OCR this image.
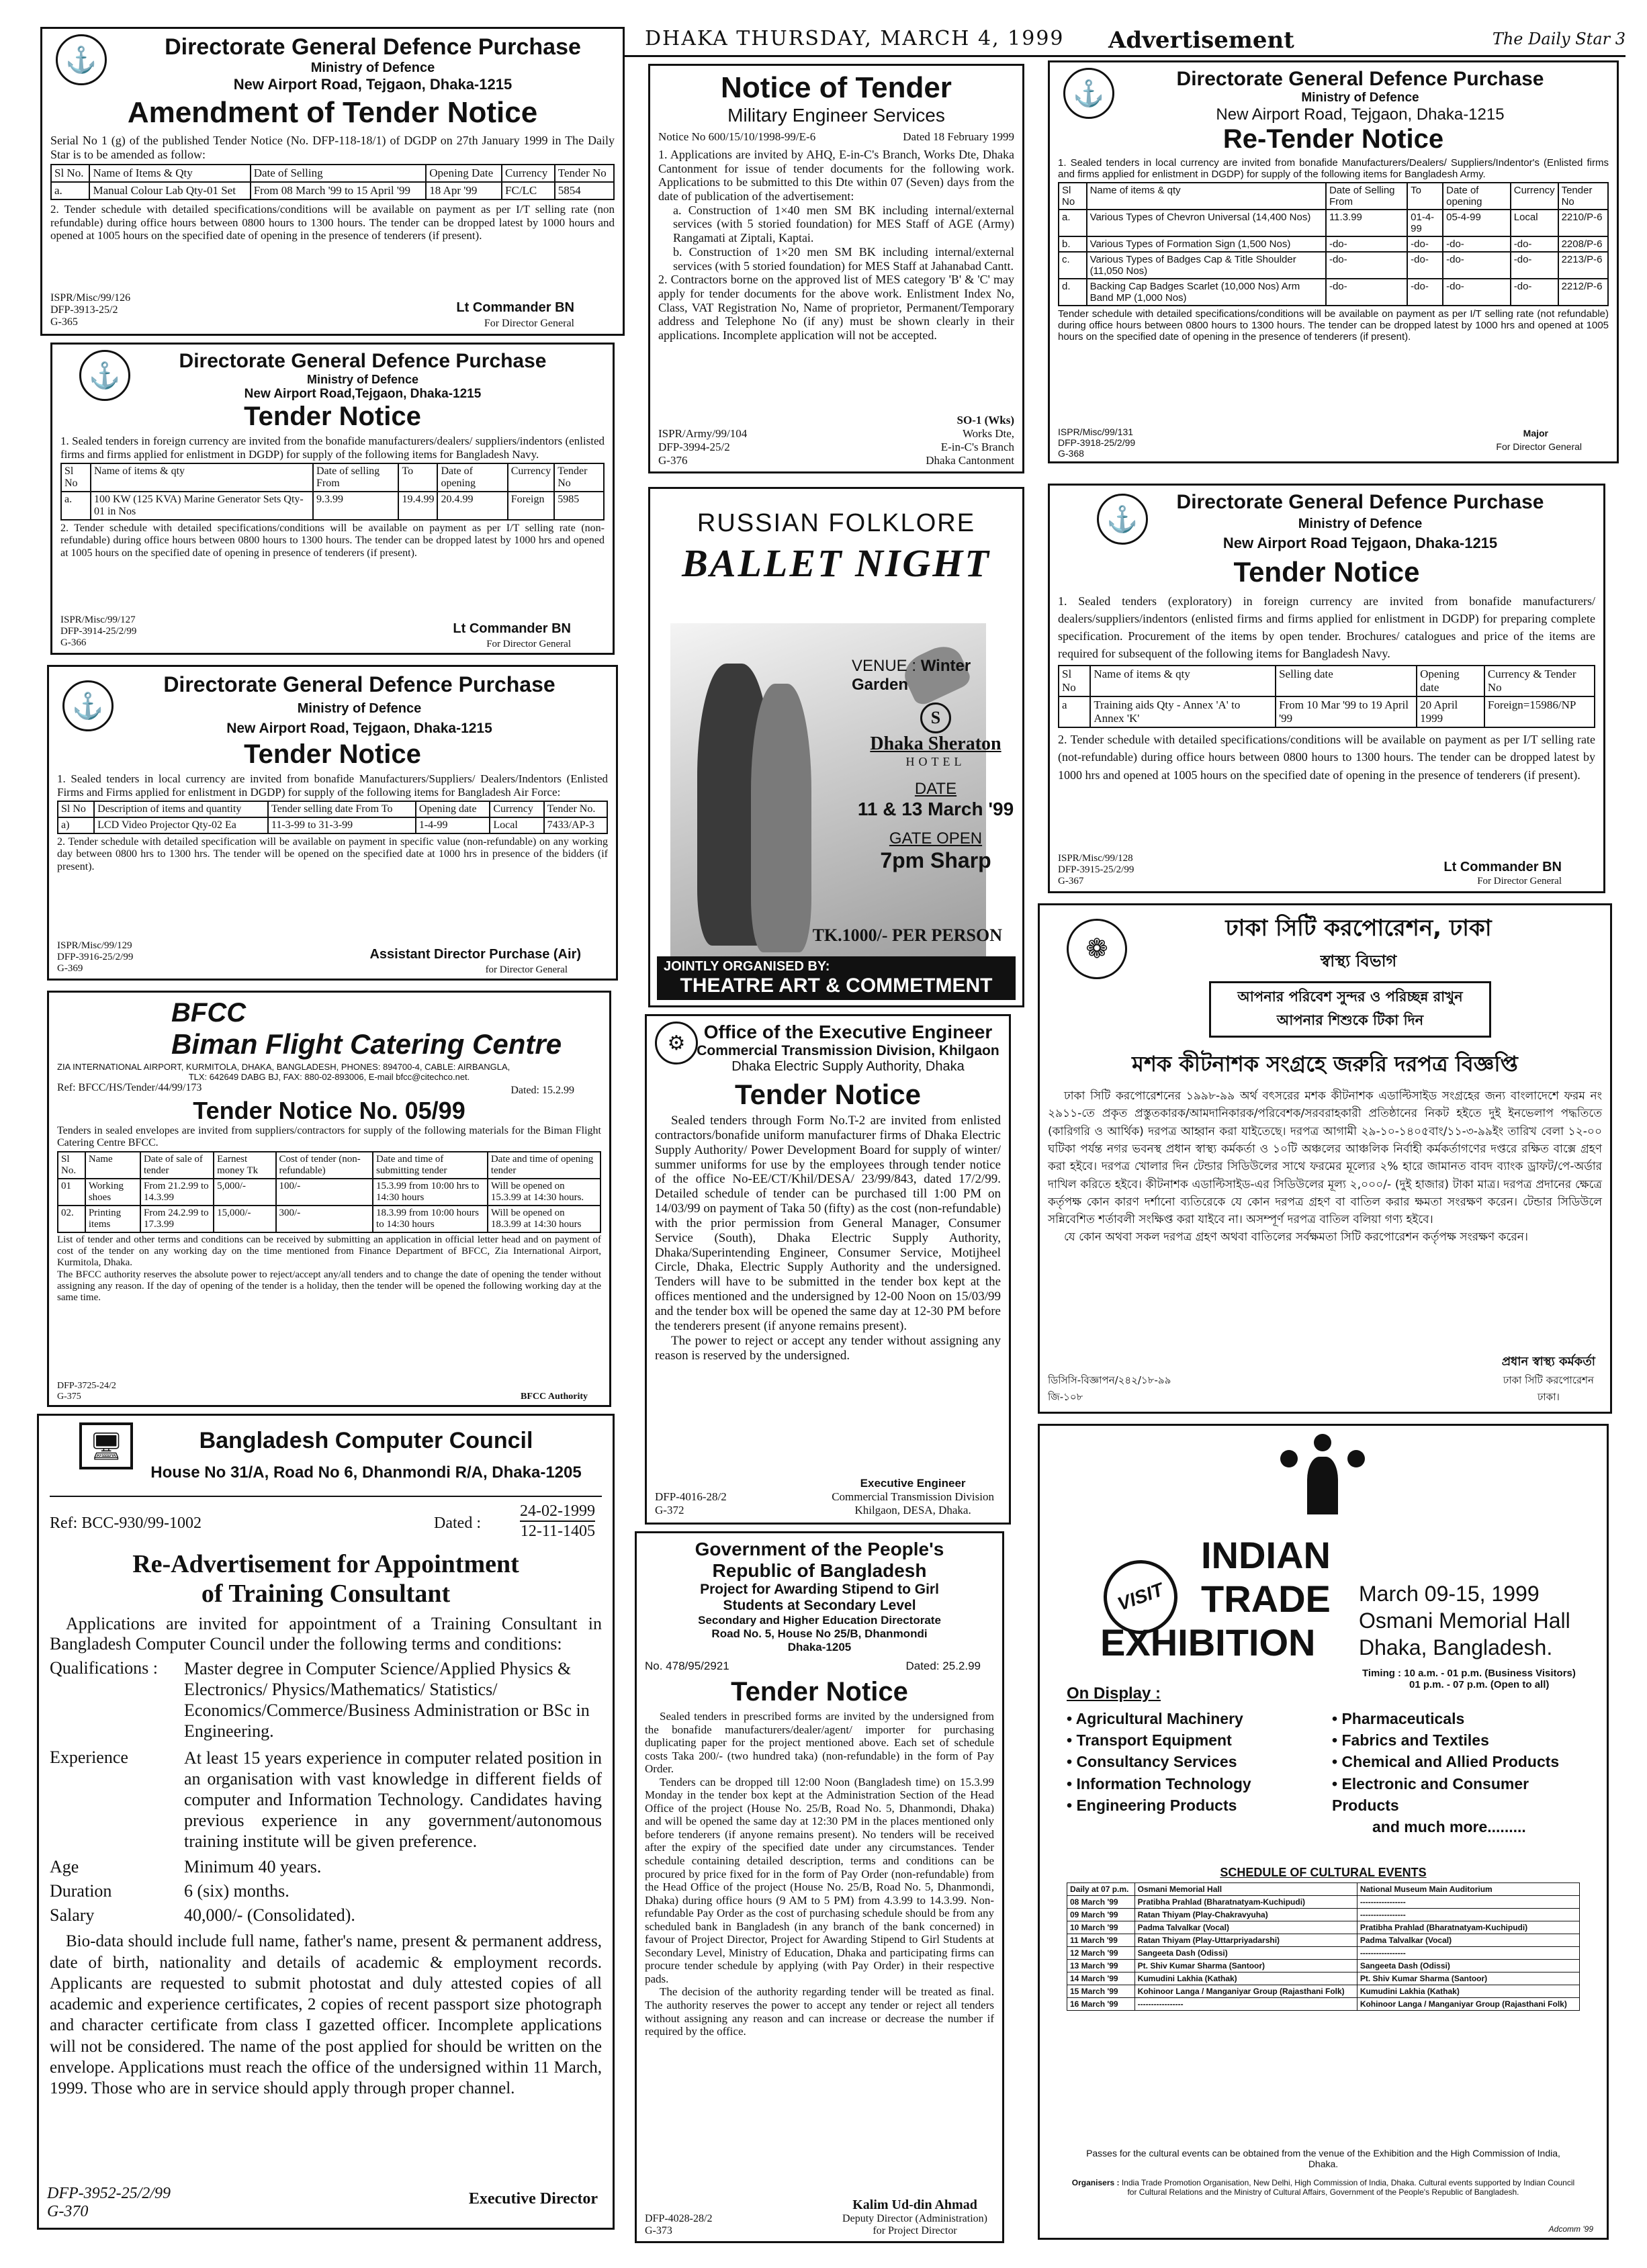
DHAKA THURSDAY, MARCH 4, 1999 Advertisement	The Daily Star 3
⚓	Directorate General Defence Purchase
Ministry of Defence
New Airport Road, Tejgaon, Dhaka-1215
Amendment of Tender Notice
Serial No 1 (g) of the published Tender Notice (No. DFP-118-18/1) of DGDP on 27th January 1999 in The Daily Star is to be amended as follow:
Sl No.	Name of Items & Qty	Date of Selling	Opening Date	Currency	Tender No
a.	Manual Colour Lab Qty-01 Set	From 08 March '99 to 15 April '99	18 Apr '99	FC/LC	5854
2. Tender schedule with detailed specifications/conditions will be available on payment as per I/T selling rate (non refundable) during office hours between 0800 hours to 1300 hours. The tender can be dropped latest by 1000 hours and opened at 1005 hours on the specified date of opening in the presence of tenderers (if present).
ISPR/Misc/99/126
DFP-3913-25/2
G-365
Lt Commander BN
For Director General
⚓	Directorate General Defence Purchase
Ministry of Defence
New Airport Road,Tejgaon, Dhaka-1215
Tender Notice
1. Sealed tenders in foreign currency are invited from the bonafide manufacturers/dealers/ suppliers/indentors (enlisted firms and firms applied for enlistment in DGDP) for supply of the following items for Bangladesh Navy.
Sl No	Name of items & qty	Date of selling From	To	Date of opening	Currency	Tender No
a.	100 KW (125 KVA) Marine Generator Sets Qty-01 in Nos	9.3.99	19.4.99	20.4.99	Foreign	5985
2. Tender schedule with detailed specifications/conditions will be available on payment as per I/T selling rate (non-refundable) during office hours between 0800 hours to 1300 hours. The tender can be dropped latest by 1000 hrs and opened at 1005 hours on the specified date of opening in presence of tenderers (if present).
ISPR/Misc/99/127
DFP-3914-25/2/99
G-366
Lt Commander BN
For Director General
⚓
Directorate General Defence Purchase
Ministry of Defence
New Airport Road, Tejgaon, Dhaka-1215
Tender Notice
1. Sealed tenders in local currency are invited from bonafide Manufacturers/Suppliers/ Dealers/Indentors (Enlisted Firms and Firms applied for enlistment in DGDP) for supply of the following items for Bangladesh Air Force:
Sl No	Description of items and quantity	Tender selling date From To	Opening date	Currency	Tender No.
a)	LCD Video Projector Qty-02 Ea	11-3-99 to 31-3-99	1-4-99	Local	7433/AP-3
2. Tender schedule with detailed specification will be available on payment in specific value (non-refundable) on any working day between 0800 hrs to 1300 hrs. The tender will be opened on the specified date at 1000 hrs in presence of the bidders (if present).
ISPR/Misc/99/129
DFP-3916-25/2/99
G-369
Assistant Director Purchase (Air)
for Director General
BFCC
Biman Flight Catering Centre
ZIA INTERNATIONAL AIRPORT, KURMITOLA, DHAKA, BANGLADESH, PHONES: 894700-4, CABLE: AIRBANGLA,
TLX: 642649 DABG BJ, FAX: 880-02-893006, E-mail bfcc@citechco.net.
Ref: BFCC/HS/Tender/44/99/173	Dated: 15.2.99
Tender Notice No. 05/99
Tenders in sealed envelopes are invited from suppliers/contractors for supply of the following materials for the Biman Flight Catering Centre BFCC.
Sl No.	Name	Date of sale of tender	Earnest money Tk	Cost of tender (non-refundable)	Date and time of submitting tender	Date and time of opening tender
01	Working shoes	From 21.2.99 to 14.3.99	5,000/-	100/-	15.3.99 from 10:00 hrs to 14:30 hours	Will be opened on 15.3.99 at 14:30 hours.
02.	Printing items	From 24.2.99 to 17.3.99	15,000/-	300/-	18.3.99 from 10:00 hours to 14:30 hours	Will be opened on 18.3.99 at 14:30 hours
List of tender and other terms and conditions can be received by submitting an application in official letter head and on payment of cost of the tender on any working day on the time mentioned from Finance Department of BFCC, Zia International Airport, Kurmitola, Dhaka.
The BFCC authority reserves the absolute power to reject/accept any/all tenders and to change the date of opening the tender without assigning any reason. If the day of opening of the tender is a holiday, then the tender will be opened the following working day at the same time.
DFP-3725-24/2
G-375	BFCC Authority
🖥	Bangladesh Computer Council
House No 31/A, Road No 6, Dhanmondi R/A, Dhaka-1205
Ref: BCC-930/99-1002	Dated :
24-02-1999
12-11-1405
Re-Advertisement for Appointment
of Training Consultant
Applications are invited for appointment of a Training Consultant in Bangladesh Computer Council under the following terms and conditions:
Qualifications :	Master degree in Computer Science/Applied Physics & Electronics/ Physics/Mathematics/ Statistics/ Economics/Commerce/Business Administration or BSc in Engineering.
Experience	At least 15 years experience in computer related position in an organisation with vast knowledge in different fields of computer and Information Technology. Candidates having previous experience in any government/autonomous training institute will be given preference.
Age	Minimum 40 years.
Duration	6 (six) months.
Salary	40,000/- (Consolidated).
Bio-data should include full name, father's name, present & permanent address, date of birth, nationality and details of academic & employment records. Applicants are requested to submit photostat and duly attested copies of all academic and experience certificates, 2 copies of recent passport size photograph and character certificate from class I gazetted officer. Incomplete applications will not be considered. The name of the post applied for should be written on the envelope. Applications must reach the office of the undersigned within 11 March, 1999. Those who are in service should apply through proper channel.
DFP-3952-25/2/99
G-370
Executive Director
Notice of Tender
Military Engineer Services
Notice No 600/15/10/1998-99/E-6	Dated 18 February 1999
1. Applications are invited by AHQ, E-in-C's Branch, Works Dte, Dhaka Cantonment for issue of tender documents for the following work. Applications to be submitted to this Dte within 07 (Seven) days from the date of publication of the advertisement:
a. Construction of 1×40 men SM BK including internal/external services (with 5 storied foundation) for MES Staff of AGE (Army) Rangamati at Ziptali, Kaptai.
b. Construction of 1×20 men SM BK including internal/external services (with 5 storied foundation) for MES Staff at Jahanabad Cantt.
2. Contractors borne on the approved list of MES category 'B' & 'C' may apply for tender documents for the above work. Enlistment Index No, Class, VAT Registration No, Name of proprietor, Permanent/Temporary address and Telephone No (if any) must be shown clearly in their applications. Incomplete application will not be accepted.
ISPR/Army/99/104
DFP-3994-25/2
G-376
SO-1 (Wks)
Works Dte,
E-in-C's Branch
Dhaka Cantonment
RUSSIAN FOLKLORE
BALLET NIGHT
VENUE : Winter Garden
S
Dhaka Sheraton
HOTEL
DATE
11 & 13 March '99
GATE OPEN
7pm Sharp
TK.1000/- PER PERSON
JOINTLY ORGANISED BY:
THEATRE ART & COMMETMENT
⚙ Office of the Executive Engineer
Commercial Transmission Division, Khilgaon
Dhaka Electric Supply Authority, Dhaka
Tender Notice
Sealed tenders through Form No.T-2 are invited from enlisted contractors/bonafide uniform manufacturer firms of Dhaka Electric Supply Authority/ Power Development Board for supply of winter/ summer uniforms for use by the employees through tender notice of the office No-EE/CT/Khil/DESA/ 23/99/843, dated 17/2/99. Detailed schedule of tender can be purchased till 1:00 PM on 14/03/99 on payment of Taka 50 (fifty) as the cost (non-refundable) with the prior permission from General Manager, Consumer Service (South), Dhaka Electric Supply Authority, Dhaka/Superintending Engineer, Consumer Service, Motijheel Circle, Dhaka, Electric Supply Authority and the undersigned. Tenders will have to be submitted in the tender box kept at the offices mentioned and the undersigned by 12-00 Noon on 15/03/99 and the tender box will be opened the same day at 12-30 PM before the tenderers present (if anyone remains present).
The power to reject or accept any tender without assigning any reason is reserved by the undersigned.
DFP-4016-28/2
G-372
Executive Engineer
Commercial Transmission Division
Khilgaon, DESA, Dhaka.
Government of the People's
Republic of Bangladesh
Project for Awarding Stipend to Girl
Students at Secondary Level
Secondary and Higher Education Directorate
Road No. 5, House No 25/B, Dhanmondi
Dhaka-1205
No. 478/95/2921	Dated: 25.2.99
Tender Notice
Sealed tenders in prescribed forms are invited by the undersigned from the bonafide manufacturers/dealer/agent/ importer for purchasing duplicating paper for the project mentioned above. Each set of schedule costs Taka 200/- (two hundred taka) (non-refundable) in the form of Pay Order.
Tenders can be dropped till 12:00 Noon (Bangladesh time) on 15.3.99 Monday in the tender box kept at the Administration Section of the Head Office of the project (House No. 25/B, Road No. 5, Dhanmondi, Dhaka) and will be opened the same day at 12:30 PM in the places mentioned only before tenderers (if anyone remains present). No tenders will be received after the expiry of the specified date under any circumstances. Tender schedule containing detailed description, terms and conditions can be procured by price fixed for in the form of Pay Order (non-refundable) from the Head Office of the project (House No. 25/B, Road No. 5, Dhanmondi, Dhaka) during office hours (9 AM to 5 PM) from 4.3.99 to 14.3.99. Non-refundable Pay Order as the cost of purchasing schedule should be from any scheduled bank in Bangladesh (in any branch of the bank concerned) in favour of Project Director, Project for Awarding Stipend to Girl Students at Secondary Level, Ministry of Education, Dhaka and participating firms can procure tender schedule by applying (with Pay Order) in their respective pads.
The decision of the authority regarding tender will be treated as final. The authority reserves the power to accept any tender or reject all tenders without assigning any reason and can increase or decrease the number if required by the office.
DFP-4028-28/2
G-373
Kalim Ud-din Ahmad
Deputy Director (Administration)
for Project Director
⚓	Directorate General Defence Purchase
Ministry of Defence
New Airport Road, Tejgaon, Dhaka-1215
Re-Tender Notice
1. Sealed tenders in local currency are invited from bonafide Manufacturers/Dealers/ Suppliers/Indentor's (Enlisted firms and firms applied for enlistment in DGDP) for supply of the following items for Bangladesh Army.
Sl No	Name of items & qty	Date of Selling From	To	Date of opening	Currency	Tender No
a.	Various Types of Chevron Universal (14,400 Nos)	11.3.99	01-4-99	05-4-99	Local	2210/P-6
b.	Various Types of Formation Sign (1,500 Nos)	-do-	-do-	-do-	-do-	2208/P-6
c.	Various Types of Badges Cap & Title Shoulder (11,050 Nos)	-do-	-do-	-do-	-do-	2213/P-6
d.	Backing Cap Badges Scarlet (10,000 Nos) Arm Band MP (1,000 Nos)	-do-	-do-	-do-	-do-	2212/P-6
Tender schedule with detailed specifications/conditions will be available on payment as per I/T selling rate (not refundable) during office hours between 0800 hours to 1300 hours. The tender can be dropped latest by 1000 hrs and opened at 1005 hours on the specified date of opening in the presence of tenderers (if present).
ISPR/Misc/99/131
DFP-3918-25/2/99
G-368
Major
For Director General
⚓
Directorate General Defence Purchase
Ministry of Defence
New Airport Road Tejgaon, Dhaka-1215
Tender Notice
1. Sealed tenders (exploratory) in foreign currency are invited from bonafide manufacturers/ dealers/suppliers/indentors (enlisted firms and firms applied for enlistment in DGDP) for preparing complete specification. Procurement of the items by open tender. Brochures/ catalogues and price of the items are required for subsequent of the following items for Bangladesh Navy.
Sl No	Name of items & qty	Selling date	Opening date	Currency & Tender No
a	Training aids Qty - Annex 'A' to Annex 'K'	From 10 Mar '99 to 19 April '99	20 April 1999	Foreign=15986/NP
2. Tender schedule with detailed specifications/conditions will be available on payment as per I/T selling rate (not-refundable) during office hours between 0800 hours to 1300 hours. The tender can be dropped latest by 1000 hrs and opened at 1005 hours on the specified date of opening in the presence of tenderers (if present).
ISPR/Misc/99/128
DFP-3915-25/2/99
G-367
Lt Commander BN
For Director General
❁
ঢাকা সিটি করপোরেশন, ঢাকা
স্বাস্থ্য বিভাগ
আপনার পরিবেশ সুন্দর ও পরিচ্ছন্ন রাখুন
আপনার শিশুকে টিকা দিন
মশক কীটনাশক সংগ্রহে জরুরি দরপত্র বিজ্ঞপ্তি
ঢাকা সিটি করপোরেশনের ১৯৯৮-৯৯ অর্থ বৎসরের মশক কীটনাশক এডাল্টিসাইড সংগ্রহের জন্য বাংলাদেশে ফরম নং ২৯১১-তে প্রকৃত প্রস্তুতকারক/আমদানিকারক/পরিবেশক/সরবরাহকারী প্রতিষ্ঠানের নিকট হইতে দুই ইনভেলাপ পদ্ধতিতে (কারিগরি ও আর্থিক) দরপত্র আহ্বান করা যাইতেছে। দরপত্র আগামী ২৯-১০-১৪০৫বাং/১১-৩-৯৯ইং তারিখ বেলা ১২-০০ ঘটিকা পর্যন্ত নগর ভবনস্থ প্রধান স্বাস্থ্য কর্মকর্তা ও ১০টি অঞ্চলের আঞ্চলিক নির্বাহী কর্মকর্তাগণের দপ্তরে রক্ষিত বাক্সে গ্রহণ করা হইবে। দরপত্র খোলার দিন টেন্ডার সিডিউলের সাথে ফরমের মূল্যের ২% হারে জামানত বাবদ ব্যাংক ড্রাফট/পে-অর্ডার দাখিল করিতে হইবে। কীটনাশক এডাল্টিসাইড-এর সিডিউলের মূল্য ২,০০০/- (দুই হাজার) টাকা মাত্র। দরপত্র প্রদানের ক্ষেত্রে কর্তৃপক্ষ কোন কারণ দর্শানো ব্যতিরেকে যে কোন দরপত্র গ্রহণ বা বাতিল করার ক্ষমতা সংরক্ষণ করেন। টেন্ডার সিডিউলে সন্নিবেশিত শর্তাবলী সংক্ষিপ্ত করা যাইবে না। অসম্পূর্ণ দরপত্র বাতিল বলিয়া গণ্য হইবে।
যে কোন অথবা সকল দরপত্র গ্রহণ অথবা বাতিলের সর্বক্ষমতা সিটি করপোরেশন কর্তৃপক্ষ সংরক্ষণ করেন।
ডিসিসি-বিজ্ঞাপন/২৪২/১৮-৯৯
জি-১০৮
প্রধান স্বাস্থ্য কর্মকর্তা
ঢাকা সিটি করপোরেশন
ঢাকা।
VISIT
INDIAN
TRADE
EXHIBITION
March 09-15, 1999
Osmani Memorial Hall
Dhaka, Bangladesh.
Timing : 10 a.m. - 01 p.m. (Business Visitors)
01 p.m. - 07 p.m. (Open to all)
On Display :
• Agricultural Machinery
• Transport Equipment
• Consultancy Services
• Information Technology
• Engineering Products
• Pharmaceuticals
• Fabrics and Textiles
• Chemical and Allied Products
• Electronic and Consumer Products
and much more.........
SCHEDULE OF CULTURAL EVENTS
Daily at 07 p.m.	Osmani Memorial Hall	National Museum Main Auditorium
08 March '99	Pratibha Prahlad (Bharatnatyam-Kuchipudi)	-----------------
09 March '99	Ratan Thiyam (Play-Chakravyuha)	-----------------
10 March '99	Padma Talvalkar (Vocal)	Pratibha Prahlad (Bharatnatyam-Kuchipudi)
11 March '99	Ratan Thiyam (Play-Uttarpriyadarshi)	Padma Talvalkar (Vocal)
12 March '99	Sangeeta Dash (Odissi)	-----------------
13 March '99	Pt. Shiv Kumar Sharma (Santoor)	Sangeeta Dash (Odissi)
14 March '99	Kumudini Lakhia (Kathak)	Pt. Shiv Kumar Sharma (Santoor)
15 March '99	Kohinoor Langa / Manganiyar Group (Rajasthani Folk)	Kumudini Lakhia (Kathak)
16 March '99	-----------------	Kohinoor Langa / Manganiyar Group (Rajasthani Folk)
Passes for the cultural events can be obtained from the venue of the Exhibition and the High Commission of India, Dhaka.
Organisers : India Trade Promotion Organisation, New Delhi, High Commission of India, Dhaka. Cultural events supported by Indian Council for Cultural Relations and the Ministry of Cultural Affairs, Government of the People's Republic of Bangladesh.
Adcomm '99
